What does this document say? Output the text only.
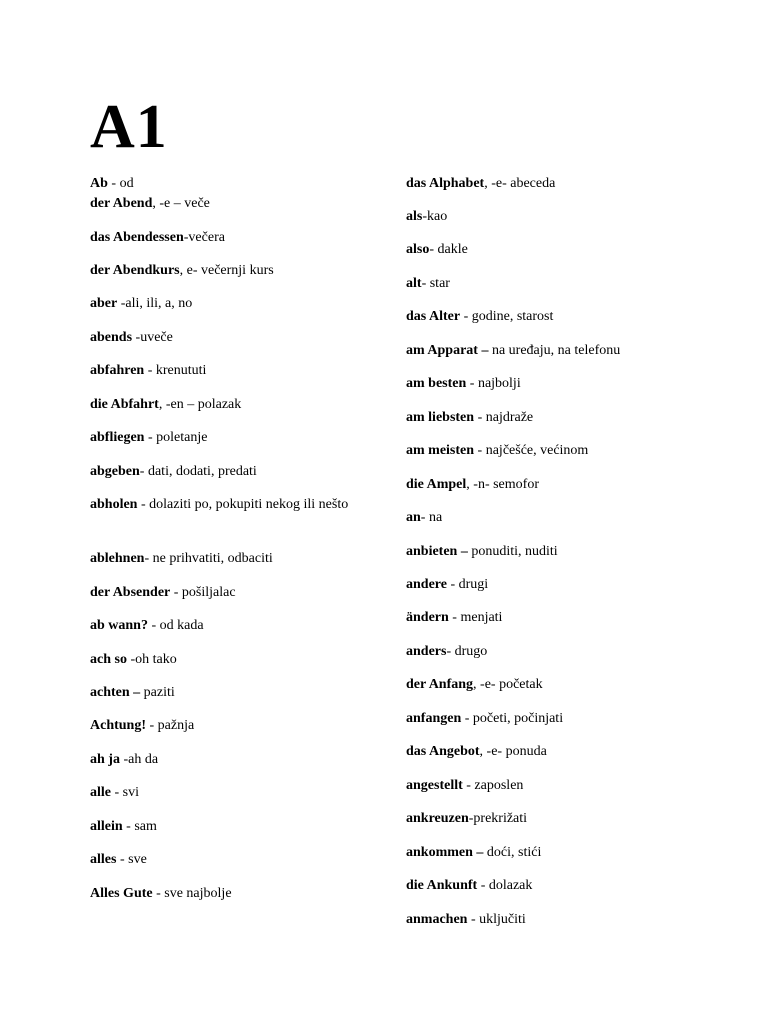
A1
Ab - od
der Abend, -e – veče
das Abendessen-večera
der Abendkurs, e- večernji kurs
aber -ali, ili, a, no
abends -uveče
abfahren - krenututi
die Abfahrt, -en – polazak
abfliegen - poletanje
abgeben- dati, dodati, predati
abholen - dolaziti po, pokupiti nekog ili nešto
ablehnen- ne prihvatiti, odbaciti
der Absender - pošiljalac
ab wann? - od kada
ach so -oh tako
achten – paziti
Achtung! - pažnja
ah ja -ah da
alle - svi
allein - sam
alles - sve
Alles Gute - sve najbolje
das Alphabet, -e- abeceda
als-kao
also- dakle
alt- star
das Alter - godine, starost
am Apparat – na uređaju, na telefonu
am besten - najbolji
am liebsten - najdraže
am meisten - najčešće, većinom
die Ampel, -n- semofor
an- na
anbieten – ponuditi, nuditi
andere - drugi
ändern - menjati
anders- drugo
der Anfang, -e- početak
anfangen - početi, počinjati
das Angebot, -e- ponuda
angestellt - zaposlen
ankreuzen-prekrižati
ankommen – doći, stići
die Ankunft - dolazak
anmachen - uključiti
